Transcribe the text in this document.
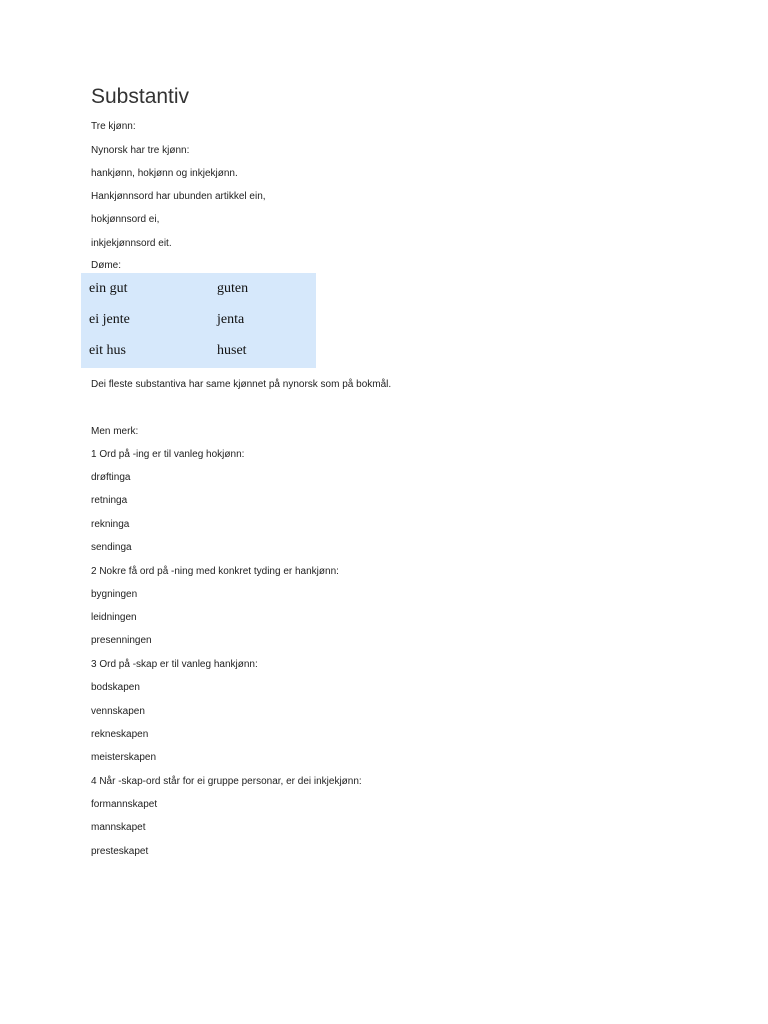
Substantiv
Tre kjønn:
Nynorsk har tre kjønn:
hankjønn, hokjønn og inkjekjønn.
Hankjønnsord har ubunden artikkel ein,
hokjønnsord ei,
inkjekjønnsord eit.
Døme:
ein gut	guten
ei jente	jenta
eit hus	huset
Dei fleste substantiva har same kjønnet på nynorsk som på bokmål.
Men merk:
1 Ord på -ing er til vanleg hokjønn:
drøftinga
retninga
rekninga
sendinga
2 Nokre få ord på -ning med konkret tyding er hankjønn:
bygningen
leidningen
presenningen
3 Ord på -skap er til vanleg hankjønn:
bodskapen
vennskapen
rekneskapen
meisterskapen
4 Når -skap-ord står for ei gruppe personar, er dei inkjekjønn:
formannskapet
mannskapet
presteskapet
